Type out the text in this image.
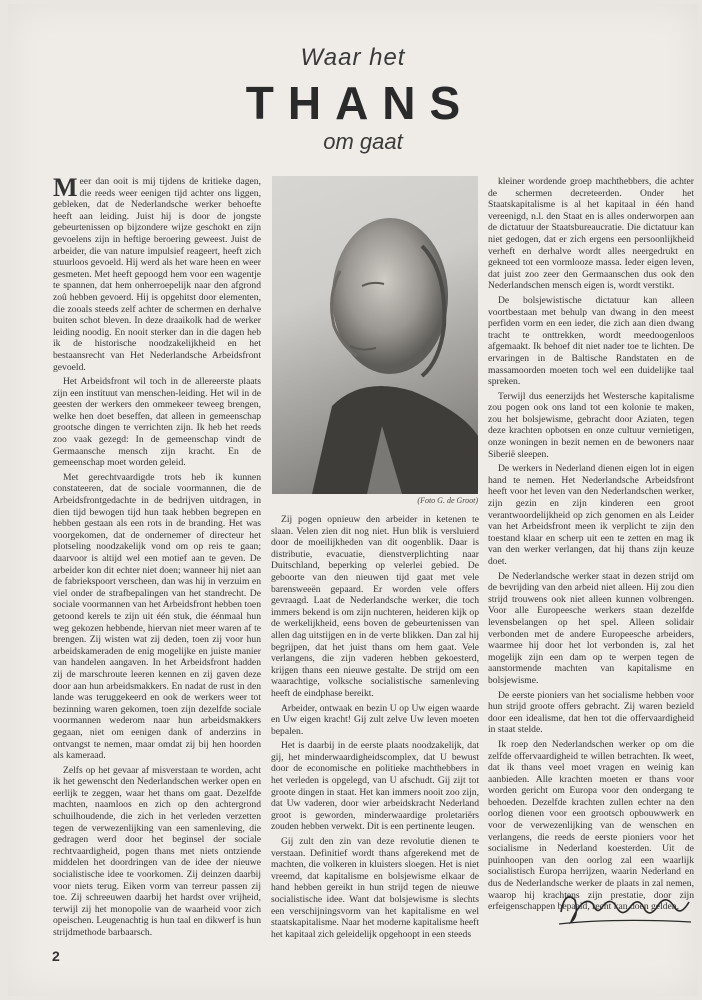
Waar het
THANS
om gaat

Meer dan ooit is mij tijdens de kritieke dagen, die reeds weer eenigen tijd achter ons liggen, gebleken, dat de Nederlandsche werker behoefte heeft aan leiding. Juist hij is door de jongste gebeurtenissen op bijzondere wijze geschokt en zijn gevoelens zijn in heftige beroering geweest. Juist de arbeider, die van nature impulsief reageert, heeft zich stuurloos gevoeld. Hij werd als het ware heen en weer gesmeten. Met heeft gepoogd hem voor een wagentje te spannen, dat hem onherroepelijk naar den afgrond zoû hebben gevoerd. Hij is opgehitst door elementen, die zooals steeds zelf achter de schermen en derhalve buiten schot bleven. In deze draaikolk had de werker leiding noodig. En nooit sterker dan in die dagen heb ik de historische noodzakelijkheid en het bestaansrecht van Het Nederlandsche Arbeidsfront gevoeld.

Het Arbeidsfront wil toch in de allereerste plaats zijn een instituut van menschen-leiding. Het wil in de geesten der werkers den ommekeer teweeg brengen, welke hen doet beseffen, dat alleen in gemeenschap grootsche dingen te verrichten zijn. Ik heb het reeds zoo vaak gezegd: In de gemeenschap vindt de Germaansche mensch zijn kracht. En de gemeenschap moet worden geleid.

Met gerechtvaardigde trots heb ik kunnen constateeren, dat de sociale voormannen, die de Arbeidsfrontgedachte in de bedrijven uitdragen, in dien tijd bewogen tijd hun taak hebben begrepen en hebben gestaan als een rots in de branding. Het was voorgekomen, dat de ondernemer of directeur het plotseling noodzakelijk vond om op reis te gaan; daarvoor is altijd wel een motief aan te geven. De arbeider kon dit echter niet doen; wanneer hij niet aan de fabriekspoort verscheen, dan was hij in verzuim en viel onder de strafbepalingen van het standrecht. De sociale voormannen van het Arbeidsfront hebben toen getoond kerels te zijn uit één stuk, die éénmaal hun weg gekozen hebbende, hiervan niet meer waren af te brengen. Zij wisten wat zij deden, toen zij voor hun arbeidskameraden de enig mogelijke en juiste manier van handelen aangaven. In het Arbeidsfront hadden zij de marschroute leeren kennen en zij gaven deze door aan hun arbeidsmakkers. En nadat de rust in den lande was teruggekeerd en ook de werkers weer tot bezinning waren gekomen, toen zijn dezelfde sociale voormannen wederom naar hun arbeidsmakkers gegaan, niet om eenigen dank of anderzins in ontvangst te nemen, maar omdat zij bij hen hoorden als kameraad.

Zelfs op het gevaar af misverstaan te worden, acht ik het gewenscht den Nederlandschen werker open en eerlijk te zeggen, waar het thans om gaat. Dezelfde machten, naamloos en zich op den achtergrond schuilhoudende, die zich in het verleden verzetten tegen de verwezenlijking van een samenleving, die gedragen werd door het beginsel der sociale rechtvaardigheid, pogen thans met niets ontziende middelen het doordringen van de idee der nieuwe socialistische idee te voorkomen. Zij deinzen daarbij voor niets terug. Eiken vorm van terreur passen zij toe. Zij schreeuwen daarbij het hardst over vrijheid, terwijl zij het monopolie van de waarheid voor zich opeischen. Leugenachtig is hun taal en dikwerf is hun strijdmethode barbaarsch.

(Foto G. de Groot)

Zij pogen opnieuw den arbeider in ketenen te slaan. Velen zien dit nog niet. Hun blik is versluierd door de moeilijkheden van dit oogenblik. Daar is distributie, evacuatie, dienstverplichting naar Duitschland, beperking op velerlei gebied. De geboorte van den nieuwen tijd gaat met vele barensweeën gepaard. Er worden vele offers gevraagd. Laat de Nederlandsche werker, die toch immers bekend is om zijn nuchteren, heideren kijk op de werkelijkheid, eens boven de gebeurtenissen van allen dag uitstijgen en in de verte blikken. Dan zal hij begrijpen, dat het juist thans om hem gaat. Vele verlangens, die zijn vaderen hebben gekoesterd, krijgen thans een nieuwe gestalte. De strijd om een waarachtige, volksche socialistische samenleving heeft de eindphase bereikt.

Arbeider, ontwaak en bezin U op Uw eigen waarde en Uw eigen kracht! Gij zult zelve Uw leven moeten bepalen.

Het is daarbij in de eerste plaats noodzakelijk, dat gij, het minderwaardigheidscomplex, dat U bewust door de economische en politieke machthebbers in het verleden is opgelegd, van U afschudt. Gij zijt tot groote dingen in staat. Het kan immers nooit zoo zijn, dat Uw vaderen, door wier arbeidskracht Nederland groot is geworden, minderwaardige proletariërs zouden hebben verwekt. Dit is een pertinente leugen.

Gij zult den zin van deze revolutie dienen te verstaan. Definitief wordt thans afgerekend met de machten, die volkeren in kluisters sloegen. Het is niet vreemd, dat kapitalisme en bolsjewisme elkaar de hand hebben gereikt in hun strijd tegen de nieuwe socialistische idee. Want dat bolsjewisme is slechts een verschijningsvorm van het kapitalisme en wel staatskapitalisme. Naar het moderne kapitalisme heeft het kapitaal zich geleidelijk opgehoopt in een steeds

kleiner wordende groep machthebbers, die achter de schermen decreteerden. Onder het Staatskapitalisme is al het kapitaal in één hand vereenigd, n.l. den Staat en is alles onderworpen aan de dictatuur der Staatsbureaucratie. Die dictatuur kan niet gedogen, dat er zich ergens een persoonlijkheid verheft en derhalve wordt alles neergedrukt en gekneed tot een vormlooze massa. Ieder eigen leven, dat juist zoo zeer den Germaanschen dus ook den Nederlandschen mensch eigen is, wordt verstikt.

De bolsjewistische dictatuur kan alleen voortbestaan met behulp van dwang in den meest perfiden vorm en een ieder, die zich aan dien dwang tracht te onttrekken, wordt meedoogenloos afgemaakt. Ik behoef dit niet nader toe te lichten. De ervaringen in de Baltische Randstaten en de massamoorden moeten toch wel een duidelijke taal spreken.

Terwijl dus eenerzijds het Westersche kapitalisme zou pogen ook ons land tot een kolonie te maken, zou het bolsjewisme, gebracht door Aziaten, tegen deze krachten opbotsen en onze cultuur vernietigen, onze woningen in bezit nemen en de bewoners naar Siberië sleepen.

De werkers in Nederland dienen eigen lot in eigen hand te nemen. Het Nederlandsche Arbeidsfront heeft voor het leven van den Nederlandschen werker, zijn gezin en zijn kinderen een groot verantwoordelijkheid op zich genomen en als Leider van het Arbeidsfront meen ik verplicht te zijn den toestand klaar en scherp uit een te zetten en mag ik van den werker verlangen, dat hij thans zijn keuze doet.

De Nederlandsche werker staat in dezen strijd om de bevrijding van den arbeid niet alleen. Hij zou dien strijd trouwens ook niet alleen kunnen volbrengen. Voor alle Europeesche werkers staan dezelfde levensbelangen op het spel. Alleen solidair verbonden met de andere Europeesche arbeiders, waarmee hij door het lot verbonden is, zal het mogelijk zijn een dam op te werpen tegen de aanstormende machten van kapitalisme en bolsjewisme.

De eerste pioniers van het socialisme hebben voor hun strijd groote offers gebracht. Zij waren bezield door een idealisme, dat hen tot die offervaardigheid in staat stelde.

Ik roep den Nederlandschen werker op om die zelfde offervaardigheid te willen betrachten. Ik weet, dat ik thans veel moet vragen en weinig kan aanbieden. Alle krachten moeten er thans voor worden gericht om Europa voor den ondergang te behoeden. Dezelfde krachten zullen echter na den oorlog dienen voor een grootsch opbouwwerk en voor de verwezenlijking van de wenschen en verlangens, die reeds de eerste pioniers voor het socialisme in Nederland koesterden. Uit de puinhoopen van den oorlog zal een waarlijk socialistisch Europa herrijzen, waarin Nederland en dus de Nederlandsche werker de plaats in zal nemen, waarop hij krachtens zijn prestatie, door zijn erfeigenschappen bepaald, recht kan doen gelden.

2
